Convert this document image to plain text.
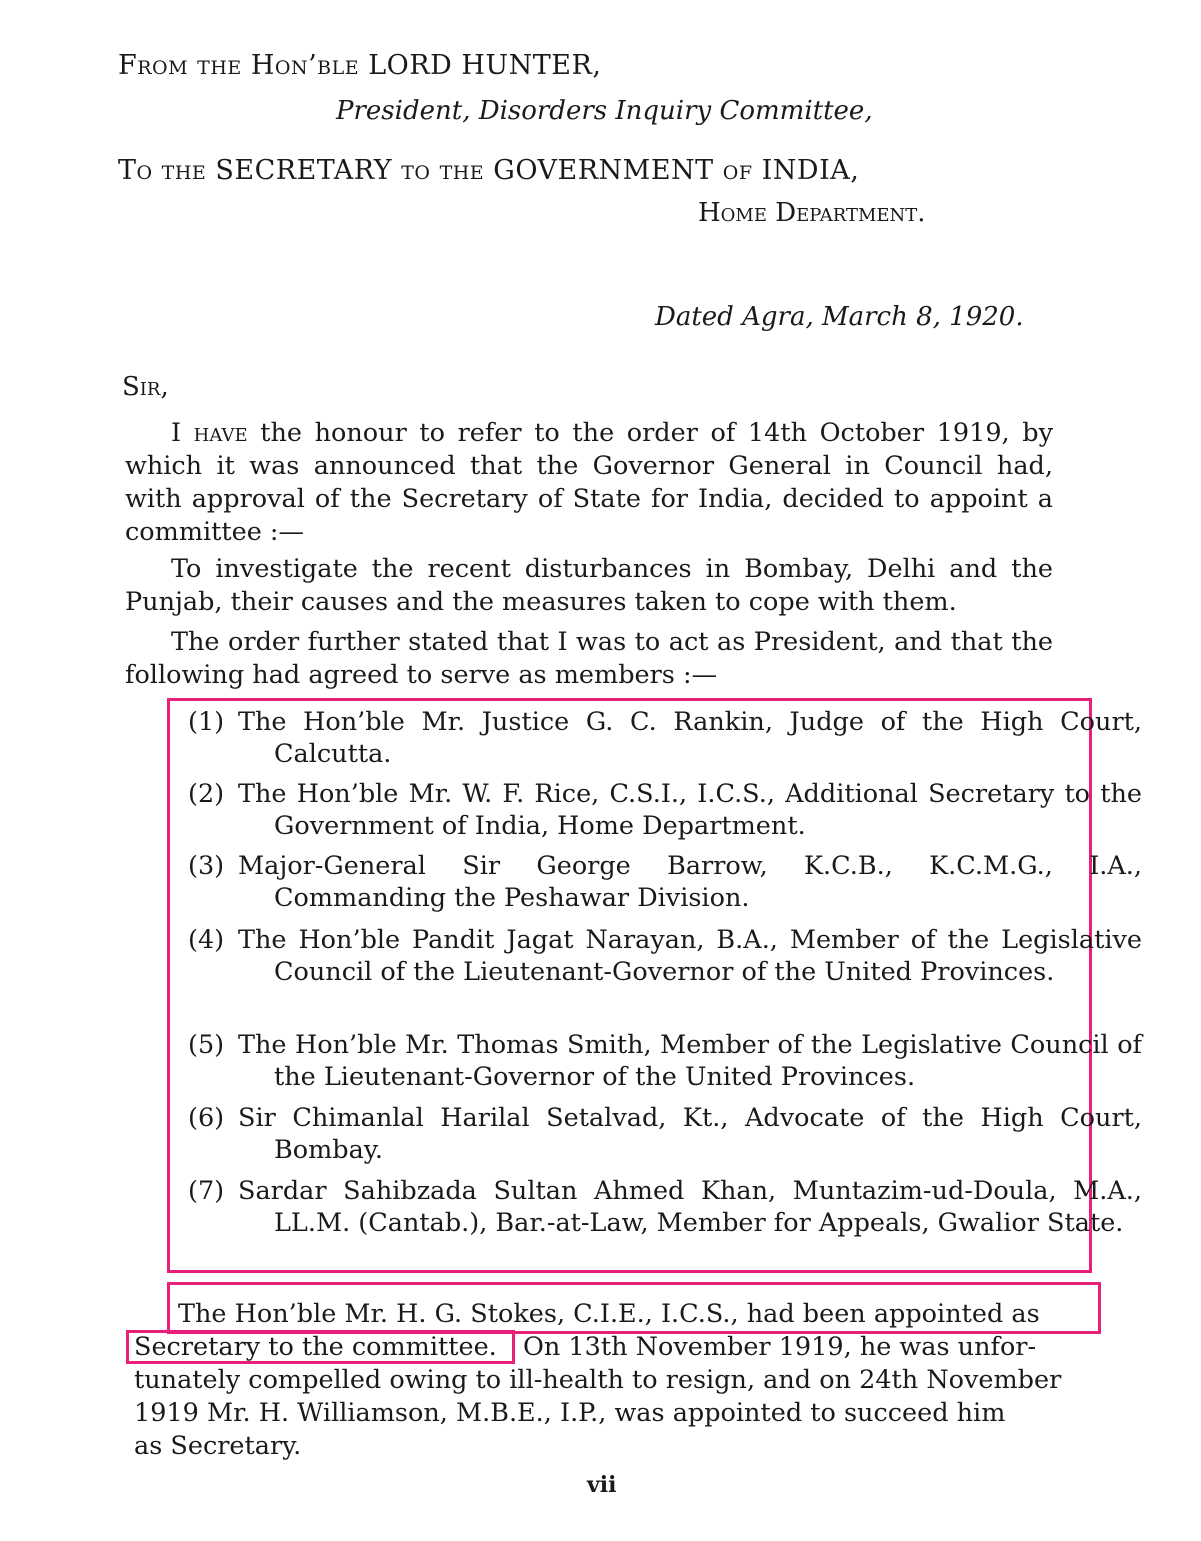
From the Hon’ble LORD HUNTER,
President, Disorders Inquiry Committee,
To the SECRETARY to the GOVERNMENT of INDIA,
Home Department.
Dated Agra, March 8, 1920.
Sir,
I have the honour to refer to the order of 14th October 1919, by which it was announced that the Governor General in Council had, with approval of the Secretary of State for India, decided to appoint a committee :—
To investigate the recent disturbances in Bombay, Delhi and the Punjab, their causes and the measures taken to cope with them.
The order further stated that I was to act as President, and that the following had agreed to serve as members :—
(1) The Hon’ble Mr. Justice G. C. Rankin, Judge of the High Court, Calcutta.
(2) The Hon’ble Mr. W. F. Rice, C.S.I., I.C.S., Additional Secretary to the Government of India, Home Department.
(3) Major-General Sir George Barrow, K.C.B., K.C.M.G., I.A., Commanding the Peshawar Division.
(4) The Hon’ble Pandit Jagat Narayan, B.A., Member of the Legislative Council of the Lieutenant-Governor of the United Provinces.
(5) The Hon’ble Mr. Thomas Smith, Member of the Legislative Council of the Lieutenant-Governor of the United Provinces.
(6) Sir Chimanlal Harilal Setalvad, Kt., Advocate of the High Court, Bombay.
(7) Sardar Sahibzada Sultan Ahmed Khan, Muntazim-ud-Doula, M.A., LL.M. (Cantab.), Bar.-at-Law, Member for Appeals, Gwalior State.
The Hon’ble Mr. H. G. Stokes, C.I.E., I.C.S., had been appointed as
Secretary to the committee. On 13th November 1919, he was unfor-
tunately compelled owing to ill-health to resign, and on 24th November
1919 Mr. H. Williamson, M.B.E., I.P., was appointed to succeed him
as Secretary.
vii
